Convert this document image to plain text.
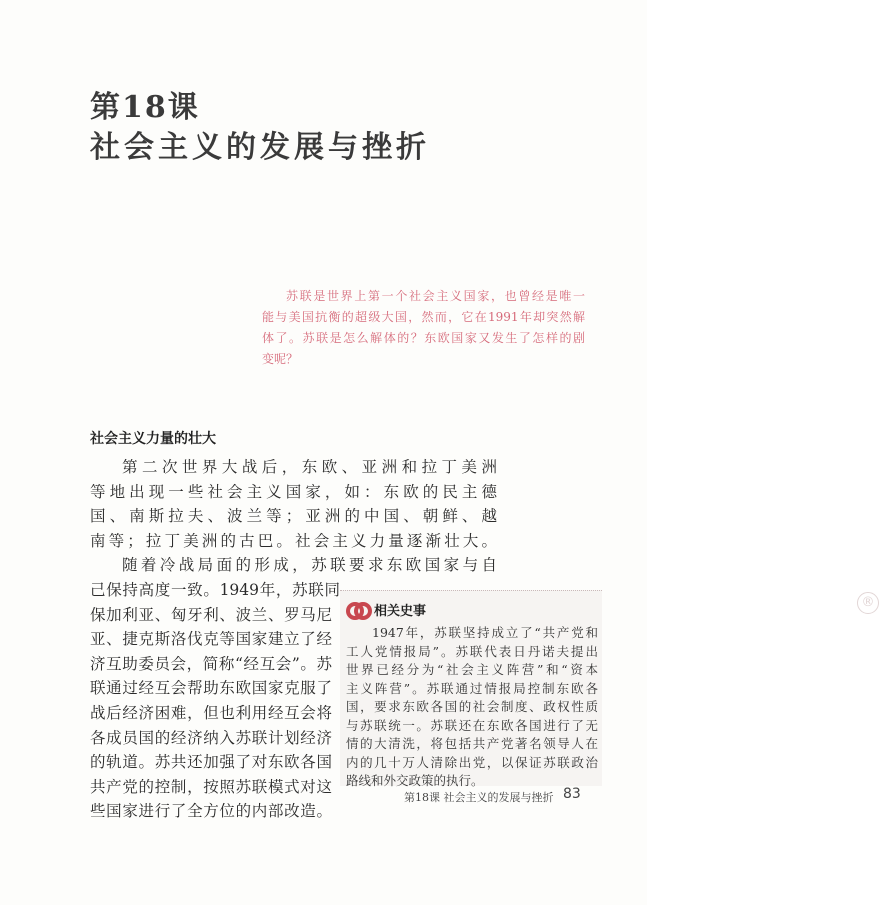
第18课
社会主义的发展与挫折
苏联是世界上第一个社会主义国家，也曾经是唯一
能与美国抗衡的超级大国，然而，它在1991年却突然解
体了。苏联是怎么解体的？东欧国家又发生了怎样的剧
变呢？
社会主义力量的壮大
第二次世界大战后，东欧、亚洲和拉丁美洲
等地出现一些社会主义国家，如：东欧的民主德
国、南斯拉夫、波兰等；亚洲的中国、朝鲜、越
南等；拉丁美洲的古巴。社会主义力量逐渐壮大。
随着冷战局面的形成，苏联要求东欧国家与自
己保持高度一致。1949年，苏联同
保加利亚、匈牙利、波兰、罗马尼
亚、捷克斯洛伐克等国家建立了经
济互助委员会，简称“经互会”。苏
联通过经互会帮助东欧国家克服了
战后经济困难，但也利用经互会将
各成员国的经济纳入苏联计划经济
的轨道。苏共还加强了对东欧各国
共产党的控制，按照苏联模式对这
些国家进行了全方位的内部改造。
®
相关史事
1947年，苏联坚持成立了“共产党和
工人党情报局”。苏联代表日丹诺夫提出
世界已经分为“社会主义阵营”和“资本
主义阵营”。苏联通过情报局控制东欧各
国，要求东欧各国的社会制度、政权性质
与苏联统一。苏联还在东欧各国进行了无
情的大清洗，将包括共产党著名领导人在
内的几十万人清除出党，以保证苏联政治
路线和外交政策的执行。
第18课 社会主义的发展与挫折 83
